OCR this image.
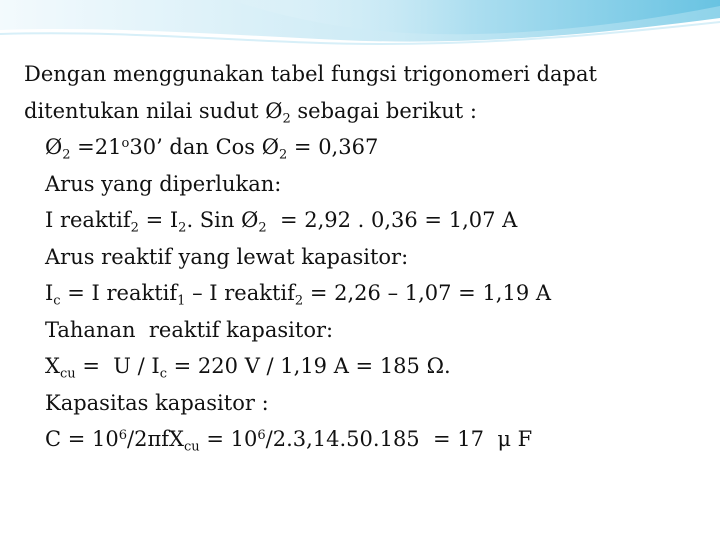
Dengan menggunakan tabel fungsi trigonomeri dapat
ditentukan nilai sudut $Ø_2$ sebagai berikut :
$Ø_2 =21^o30$’ dan Cos $Ø_2 = 0,367$
Arus yang diperlukan:
I reaktif$_2$ = $I_2$. Sin $Ø_2 = 2,92$ . 0,36 = 1,07 A
Arus reaktif yang lewat kapasitor:
$I_c = I$ reaktif$_1$ – I reaktif$_2$ = 2,26 – 1,07 = 1,19 A
Tahanan  reaktif kapasitor:
$X_{cu} = U / I_c = 220$ V / 1,19 A = 185 Ω.
Kapasitas kapasitor :
$C = 10^6/2\pi fX_{cu} = 10^6/2.3,14.50.185 = 17$  μ F
